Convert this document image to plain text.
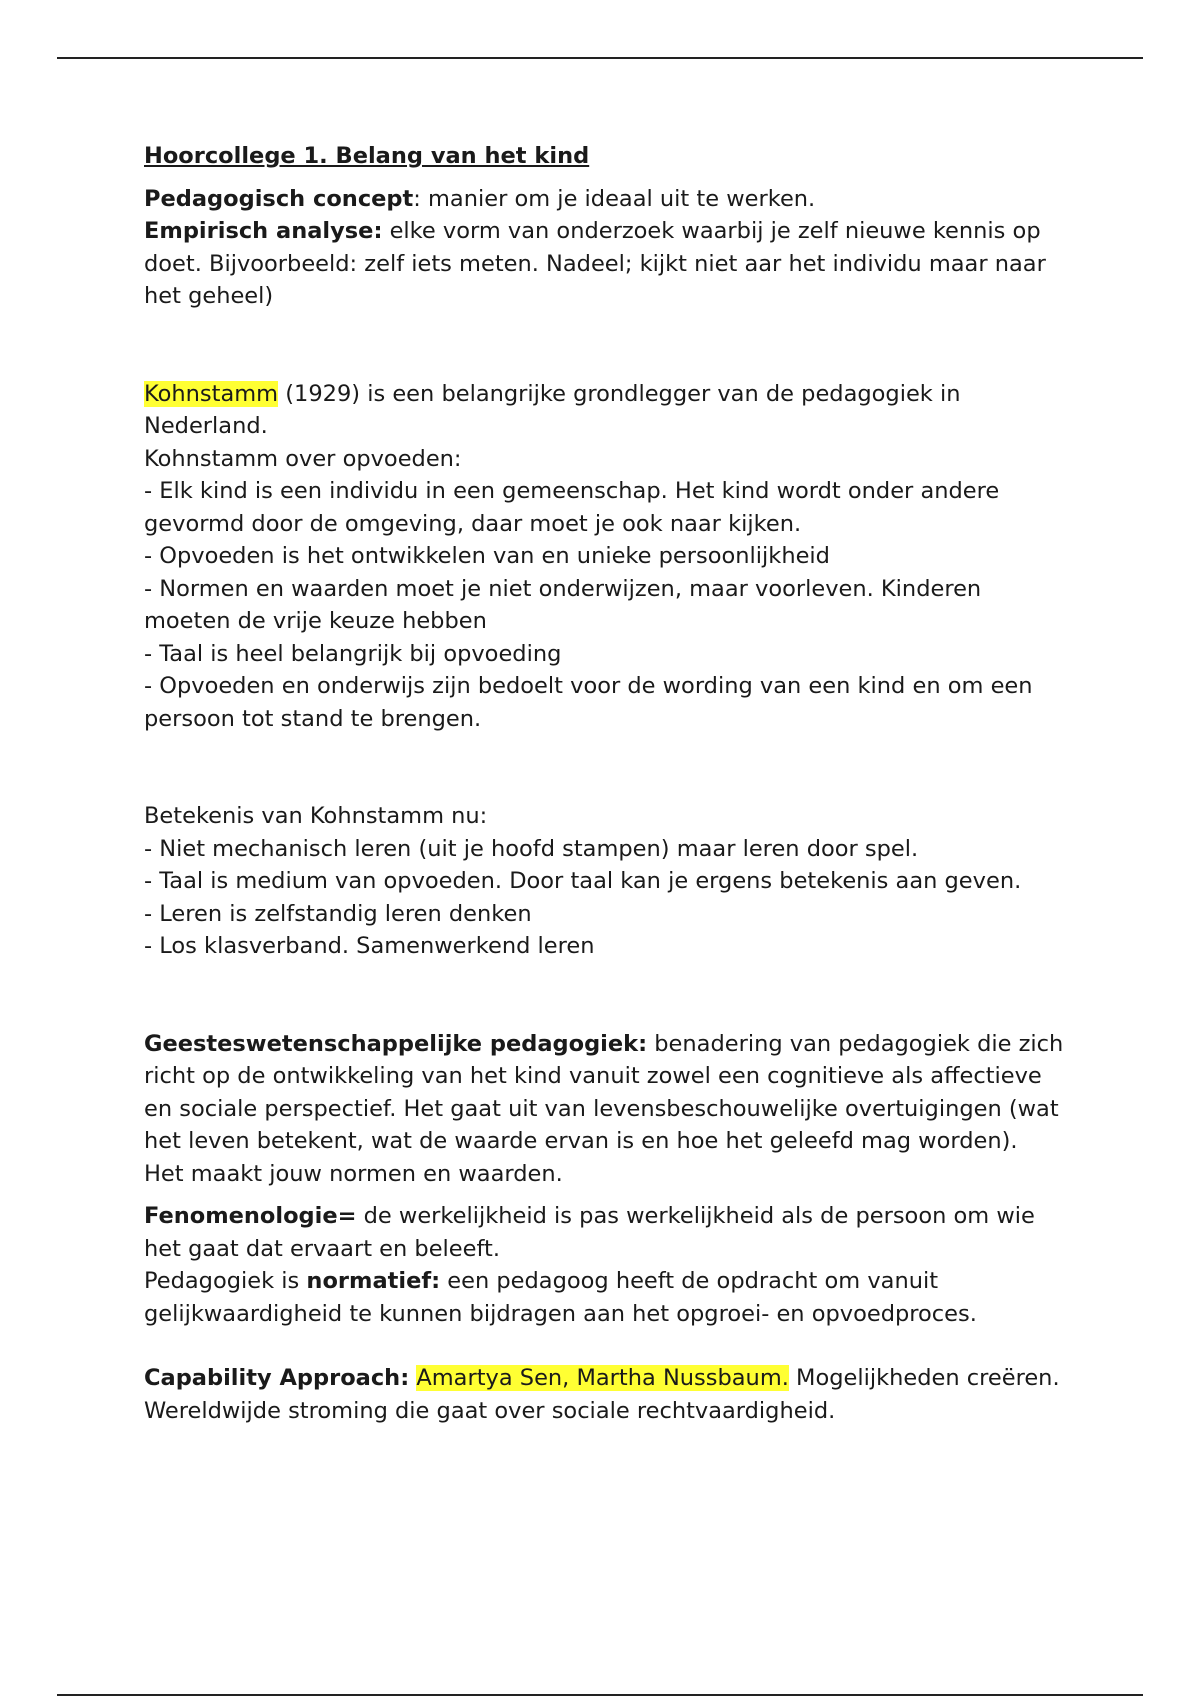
Hoorcollege 1. Belang van het kind

Pedagogisch concept: manier om je ideaal uit te werken.

Empirisch analyse: elke vorm van onderzoek waarbij je zelf nieuwe kennis op doet. Bijvoorbeeld: zelf iets meten. Nadeel; kijkt niet aar het individu maar naar het geheel)

Kohnstamm (1929) is een belangrijke grondlegger van de pedagogiek in Nederland.

Kohnstamm over opvoeden:

- Elk kind is een individu in een gemeenschap. Het kind wordt onder andere gevormd door de omgeving, daar moet je ook naar kijken.

- Opvoeden is het ontwikkelen van en unieke persoonlijkheid

- Normen en waarden moet je niet onderwijzen, maar voorleven. Kinderen moeten de vrije keuze hebben

- Taal is heel belangrijk bij opvoeding

- Opvoeden en onderwijs zijn bedoelt voor de wording van een kind en om een persoon tot stand te brengen.

Betekenis van Kohnstamm nu:

- Niet mechanisch leren (uit je hoofd stampen) maar leren door spel.

- Taal is medium van opvoeden. Door taal kan je ergens betekenis aan geven.

- Leren is zelfstandig leren denken

- Los klasverband. Samenwerkend leren

Geesteswetenschappelijke pedagogiek: benadering van pedagogiek die zich richt op de ontwikkeling van het kind vanuit zowel een cognitieve als affectieve en sociale perspectief. Het gaat uit van levensbeschouwelijke overtuigingen (wat het leven betekent, wat de waarde ervan is en hoe het geleefd mag worden). Het maakt jouw normen en waarden.

Fenomenologie= de werkelijkheid is pas werkelijkheid als de persoon om wie het gaat dat ervaart en beleeft.

Pedagogiek is normatief: een pedagoog heeft de opdracht om vanuit gelijkwaardigheid te kunnen bijdragen aan het opgroei- en opvoedproces.

Capability Approach: Amartya Sen, Martha Nussbaum. Mogelijkheden creëren.

Wereldwijde stroming die gaat over sociale rechtvaardigheid.
